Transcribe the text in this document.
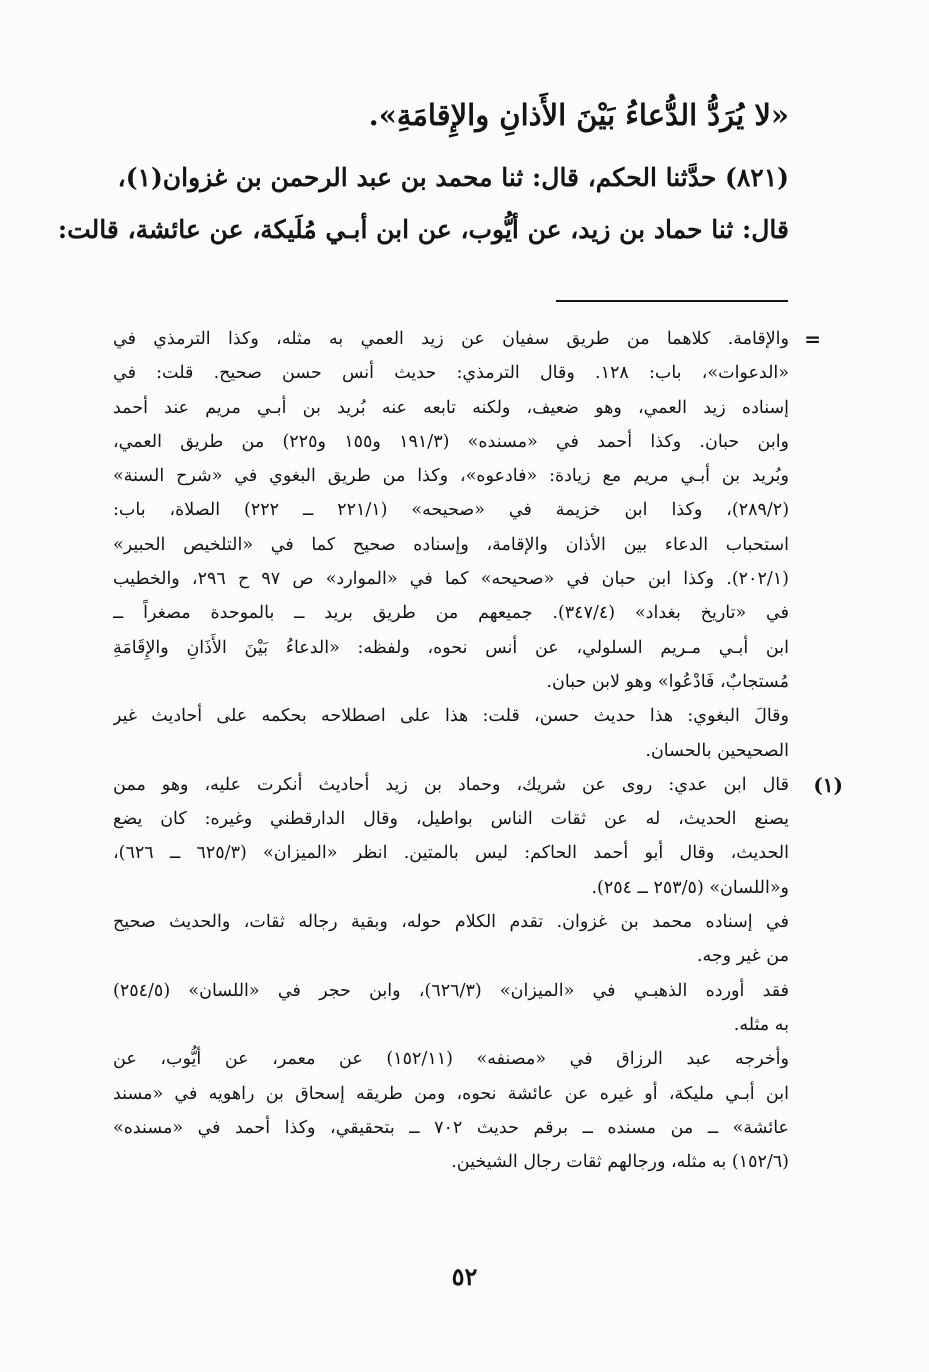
«لا يُرَدُّ الدُّعاءُ بَيْنَ الأَذانِ والإِقامَةِ».
(٨٢١) حدَّثنا الحكم، قال: ثنا محمد بن عبد الرحمن بن غزوان(١)،
قال: ثنا حماد بن زيد، عن أيُّوب، عن ابن أبـي مُلَيكة، عن عائشة، قالت:
=
والإقامة. كلاهما من طريق سفيان عن زيد العمي به مثله، وكذا الترمذي في
«الدعوات»، باب: ١٢٨. وقال الترمذي: حديث أنس حسن صحيح. قلت: في
إسناده زيد العمي، وهو ضعيف، ولكنه تابعه عنه بُريد بن أبـي مريم عند أحمد
وابن حبان. وكذا أحمد في «مسنده» (١٩١/٣ و١٥٥ و٢٢٥) من طريق العمي،
وبُريد بن أبـي مريم مع زيادة: «فادعوه»، وكذا من طريق البغوي في «شرح السنة»
(٢٨٩/٢)، وكذا ابن خزيمة في «صحيحه» (٢٢١/١ ــ ٢٢٢) الصلاة، باب:
استحباب الدعاء بين الأذان والإقامة، وإسناده صحيح كما في «التلخيص الحبير»
(٢٠٢/١). وكذا ابن حبان في «صحيحه» كما في «الموارد» ص ٩٧ ح ٢٩٦، والخطيب
في «تاريخ بغداد» (٣٤٧/٤). جميعهم من طريق بريد ــ بالموحدة مصغراً ــ
ابن أبـي مـريم السلولي، عن أنس نحوه، ولفظه: «الدعاءُ بَيْنَ الأَذَانِ والإِقَامَةِ
مُستجابٌ، فَادْعُوا» وهو لابن حبان.
وقالَ البغوي: هذا حديث حسن، قلت: هذا على اصطلاحه بحكمه على أحاديث غير
الصحيحين بالحسان.
(١)
قال ابن عدي: روى عن شريك، وحماد بن زيد أحاديث أنكرت عليه، وهو ممن
يصنع الحديث، له عن ثقات الناس بواطيل، وقال الدارقطني وغيره: كان يضع
الحديث، وقال أبو أحمد الحاكم: ليس بالمتين. انظر «الميزان» (٦٢٥/٣ ــ ٦٢٦)،
و«اللسان» (٢٥٣/٥ ــ ٢٥٤).
في إسناده محمد بن غزوان. تقدم الكلام حوله، وبقية رجاله ثقات، والحديث صحيح
من غير وجه.
فقد أورده الذهبـي في «الميزان» (٦٢٦/٣)، وابن حجر في «اللسان» (٢٥٤/٥)
به مثله.
وأخرجه عبد الرزاق في «مصنفه» (١٥٢/١١) عن معمر، عن أيُّوب، عن
ابن أبـي مليكة، أو غيره عن عائشة نحوه، ومن طريقه إسحاق بن راهويه في «مسند
عائشة» ــ من مسنده ــ برقم حديث ٧٠٢ ــ بتحقيقي، وكذا أحمد في «مسنده»
(١٥٢/٦) به مثله، ورجالهم ثقات رجال الشيخين.
٥٢
